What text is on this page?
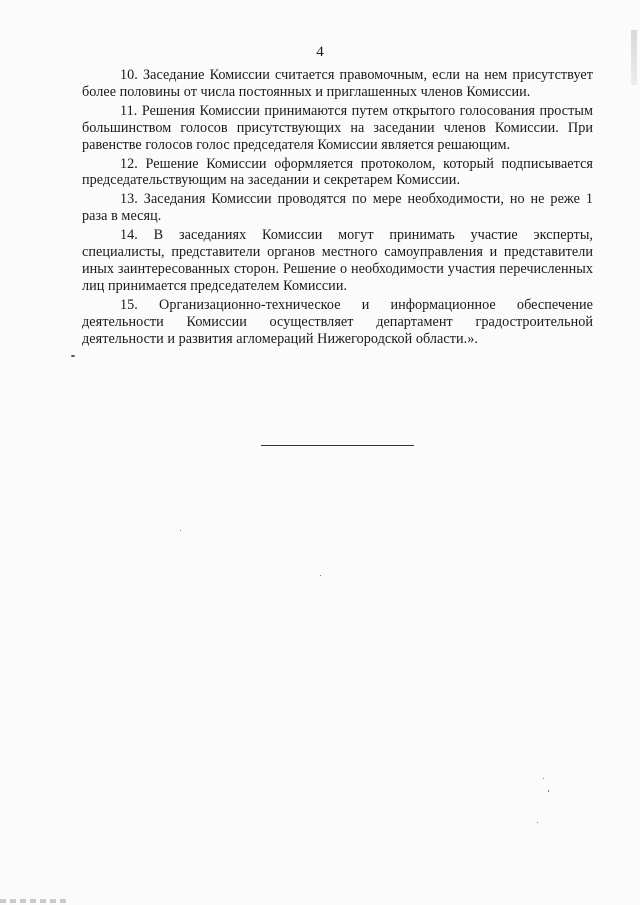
4

10. Заседание Комиссии считается правомочным, если на нем присутствует более половины от числа постоянных и приглашенных членов Комиссии.

11. Решения Комиссии принимаются путем открытого голосования простым большинством голосов присутствующих на заседании членов Комиссии. При равенстве голосов голос председателя Комиссии является решающим.

12. Решение Комиссии оформляется протоколом, который подписывается председательствующим на заседании и секретарем Комиссии.

13. Заседания Комиссии проводятся по мере необходимости, но не реже 1 раза в месяц.

14. В заседаниях Комиссии могут принимать участие эксперты, специалисты, представители органов местного самоуправления и представители иных заинтересованных сторон. Решение о необходимости участия перечисленных лиц принимается председателем Комиссии.

15. Организационно-техническое и информационное обеспечение деятельности Комиссии осуществляет департамент градостроительной деятельности и развития агломераций Нижегородской области.».
